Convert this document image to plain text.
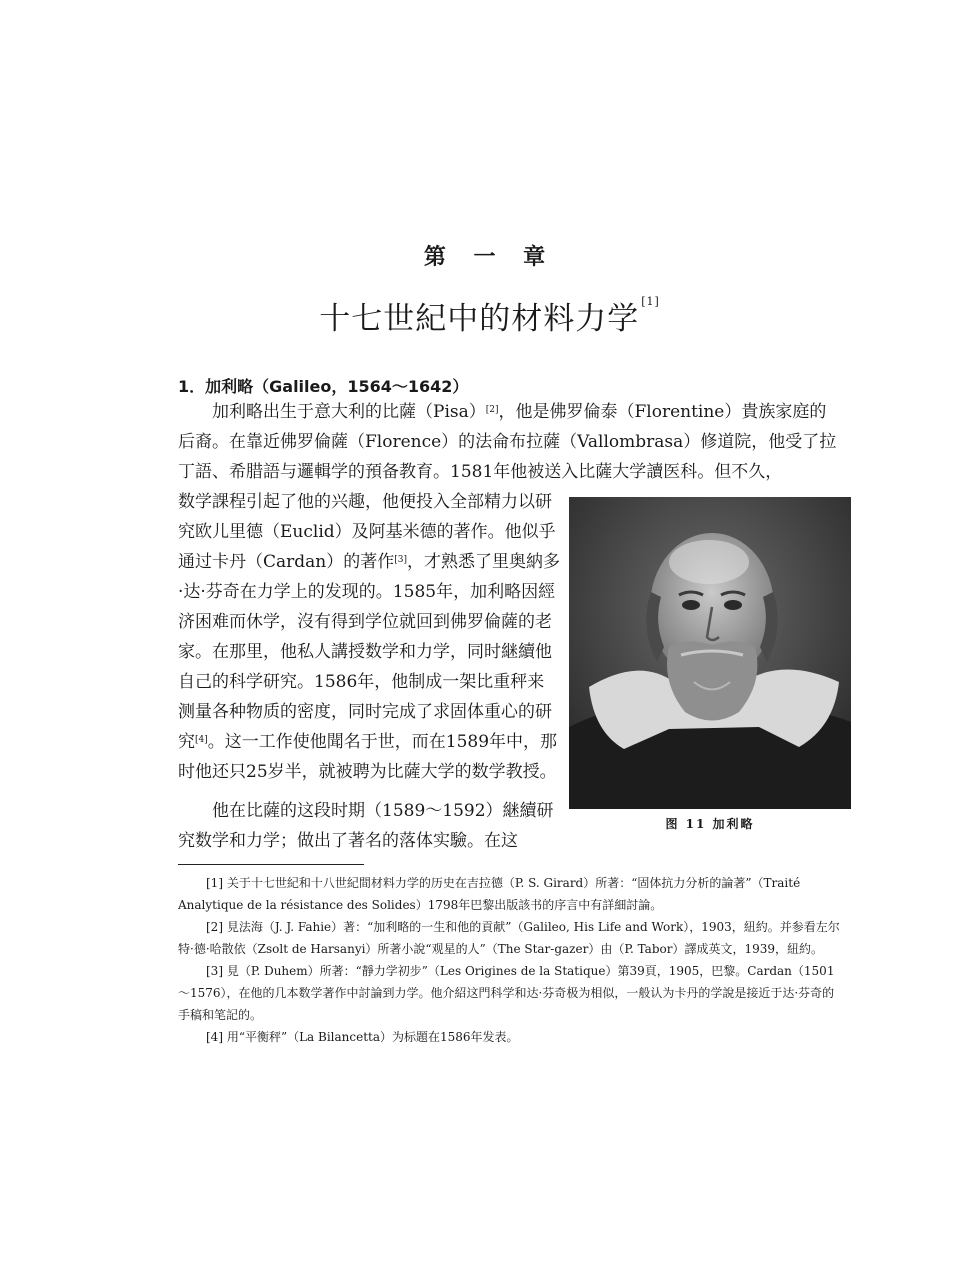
第 一 章
十七世紀中的材料力学 [1]
1．加利略（Galileo，1564～1642）
加利略出生于意大利的比薩（Pisa）[2]，他是佛罗倫泰（Florentine）貴族家庭的后裔。在靠近佛罗倫薩（Florence）的法侖布拉薩（Vallombrasa）修道院，他受了拉丁語、希腊語与邏輯学的預备教育。1581年他被送入比薩大学讀医科。但不久，
数学課程引起了他的兴趣，他便投入全部精力以研究欧儿里德（Euclid）及阿基米德的著作。他似乎通过卡丹（Cardan）的著作[3]，才熟悉了里奥納多·达·芬奇在力学上的发现的。1585年，加利略因經济困难而休学，沒有得到学位就回到佛罗倫薩的老家。在那里，他私人講授数学和力学，同时継續他自己的科学研究。1586年，他制成一架比重秤来测量各种物质的密度，同时完成了求固体重心的研究[4]。这一工作使他聞名于世，而在1589年中，那时他还只25岁半，就被聘为比薩大学的数学教授。
他在比薩的这段时期（1589～1592）継續研究数学和力学；做出了著名的落体实驗。在这
图 11 加利略

[1] 关于十七世紀和十八世紀間材料力学的历史在吉拉德（P. S. Girard）所著：“固体抗力分析的論著”（Traité Analytique de la résistance des Solides）1798年巴黎出版該书的序言中有詳細討論。

[2] 見法海（J. J. Fahie）著：“加利略的一生和他的貢献”（Galileo, His Life and Work），1903，紐約。并参看左尔特·德·哈散依（Zsolt de Harsanyi）所著小說“观星的人”（The Star-gazer）由（P. Tabor）譯成英文，1939，紐約。

[3] 見（P. Duhem）所著：“靜力学初步”（Les Origines de la Statique）第39頁，1905，巴黎。Cardan（1501～1576），在他的几本数学著作中討論到力学。他介紹这門科学和达·芬奇极为相似，一般认为卡丹的学說是接近于达·芬奇的手稿和笔記的。

[4] 用“平衡秤”（La Bilancetta）为标題在1586年发表。
